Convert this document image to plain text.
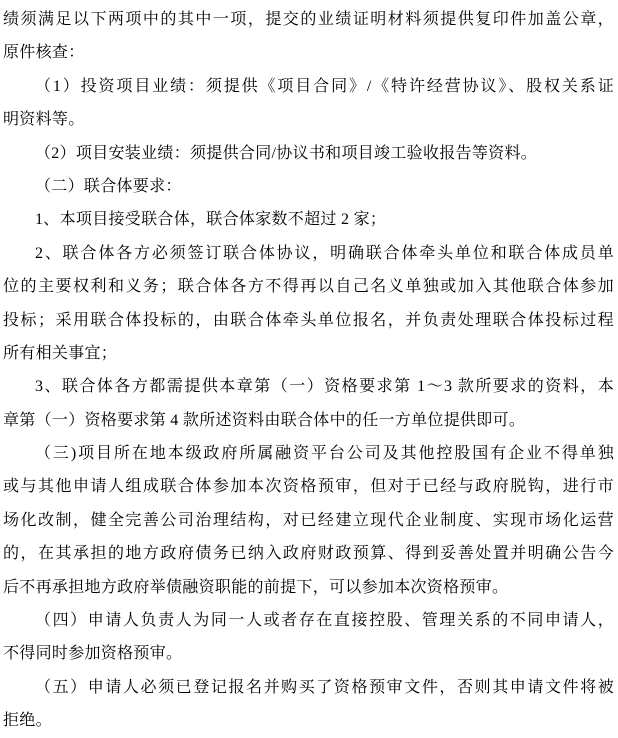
绩须满足以下两项中的其中一项，提交的业绩证明材料须提供复印件加盖公章，
原件核查：
（1）投资项目业绩：须提供《项目合同》/《特许经营协议》、股权关系证
明资料等。
（2）项目安装业绩：须提供合同/协议书和项目竣工验收报告等资料。
（二）联合体要求：
1、本项目接受联合体，联合体家数不超过 2 家；
2、联合体各方必须签订联合体协议，明确联合体牵头单位和联合体成员单
位的主要权利和义务；联合体各方不得再以自己名义单独或加入其他联合体参加
投标；采用联合体投标的，由联合体牵头单位报名，并负责处理联合体投标过程
所有相关事宜；
3、联合体各方都需提供本章第（一）资格要求第 1～3 款所要求的资料，本
章第（一）资格要求第 4 款所述资料由联合体中的任一方单位提供即可。
（三)项目所在地本级政府所属融资平台公司及其他控股国有企业不得单独
或与其他申请人组成联合体参加本次资格预审，但对于已经与政府脱钩，进行市
场化改制，健全完善公司治理结构，对已经建立现代企业制度、实现市场化运营
的，在其承担的地方政府债务已纳入政府财政预算、得到妥善处置并明确公告今
后不再承担地方政府举债融资职能的前提下，可以参加本次资格预审。
（四）申请人负责人为同一人或者存在直接控股、管理关系的不同申请人，
不得同时参加资格预审。
（五）申请人必须已登记报名并购买了资格预审文件，否则其申请文件将被
拒绝。
